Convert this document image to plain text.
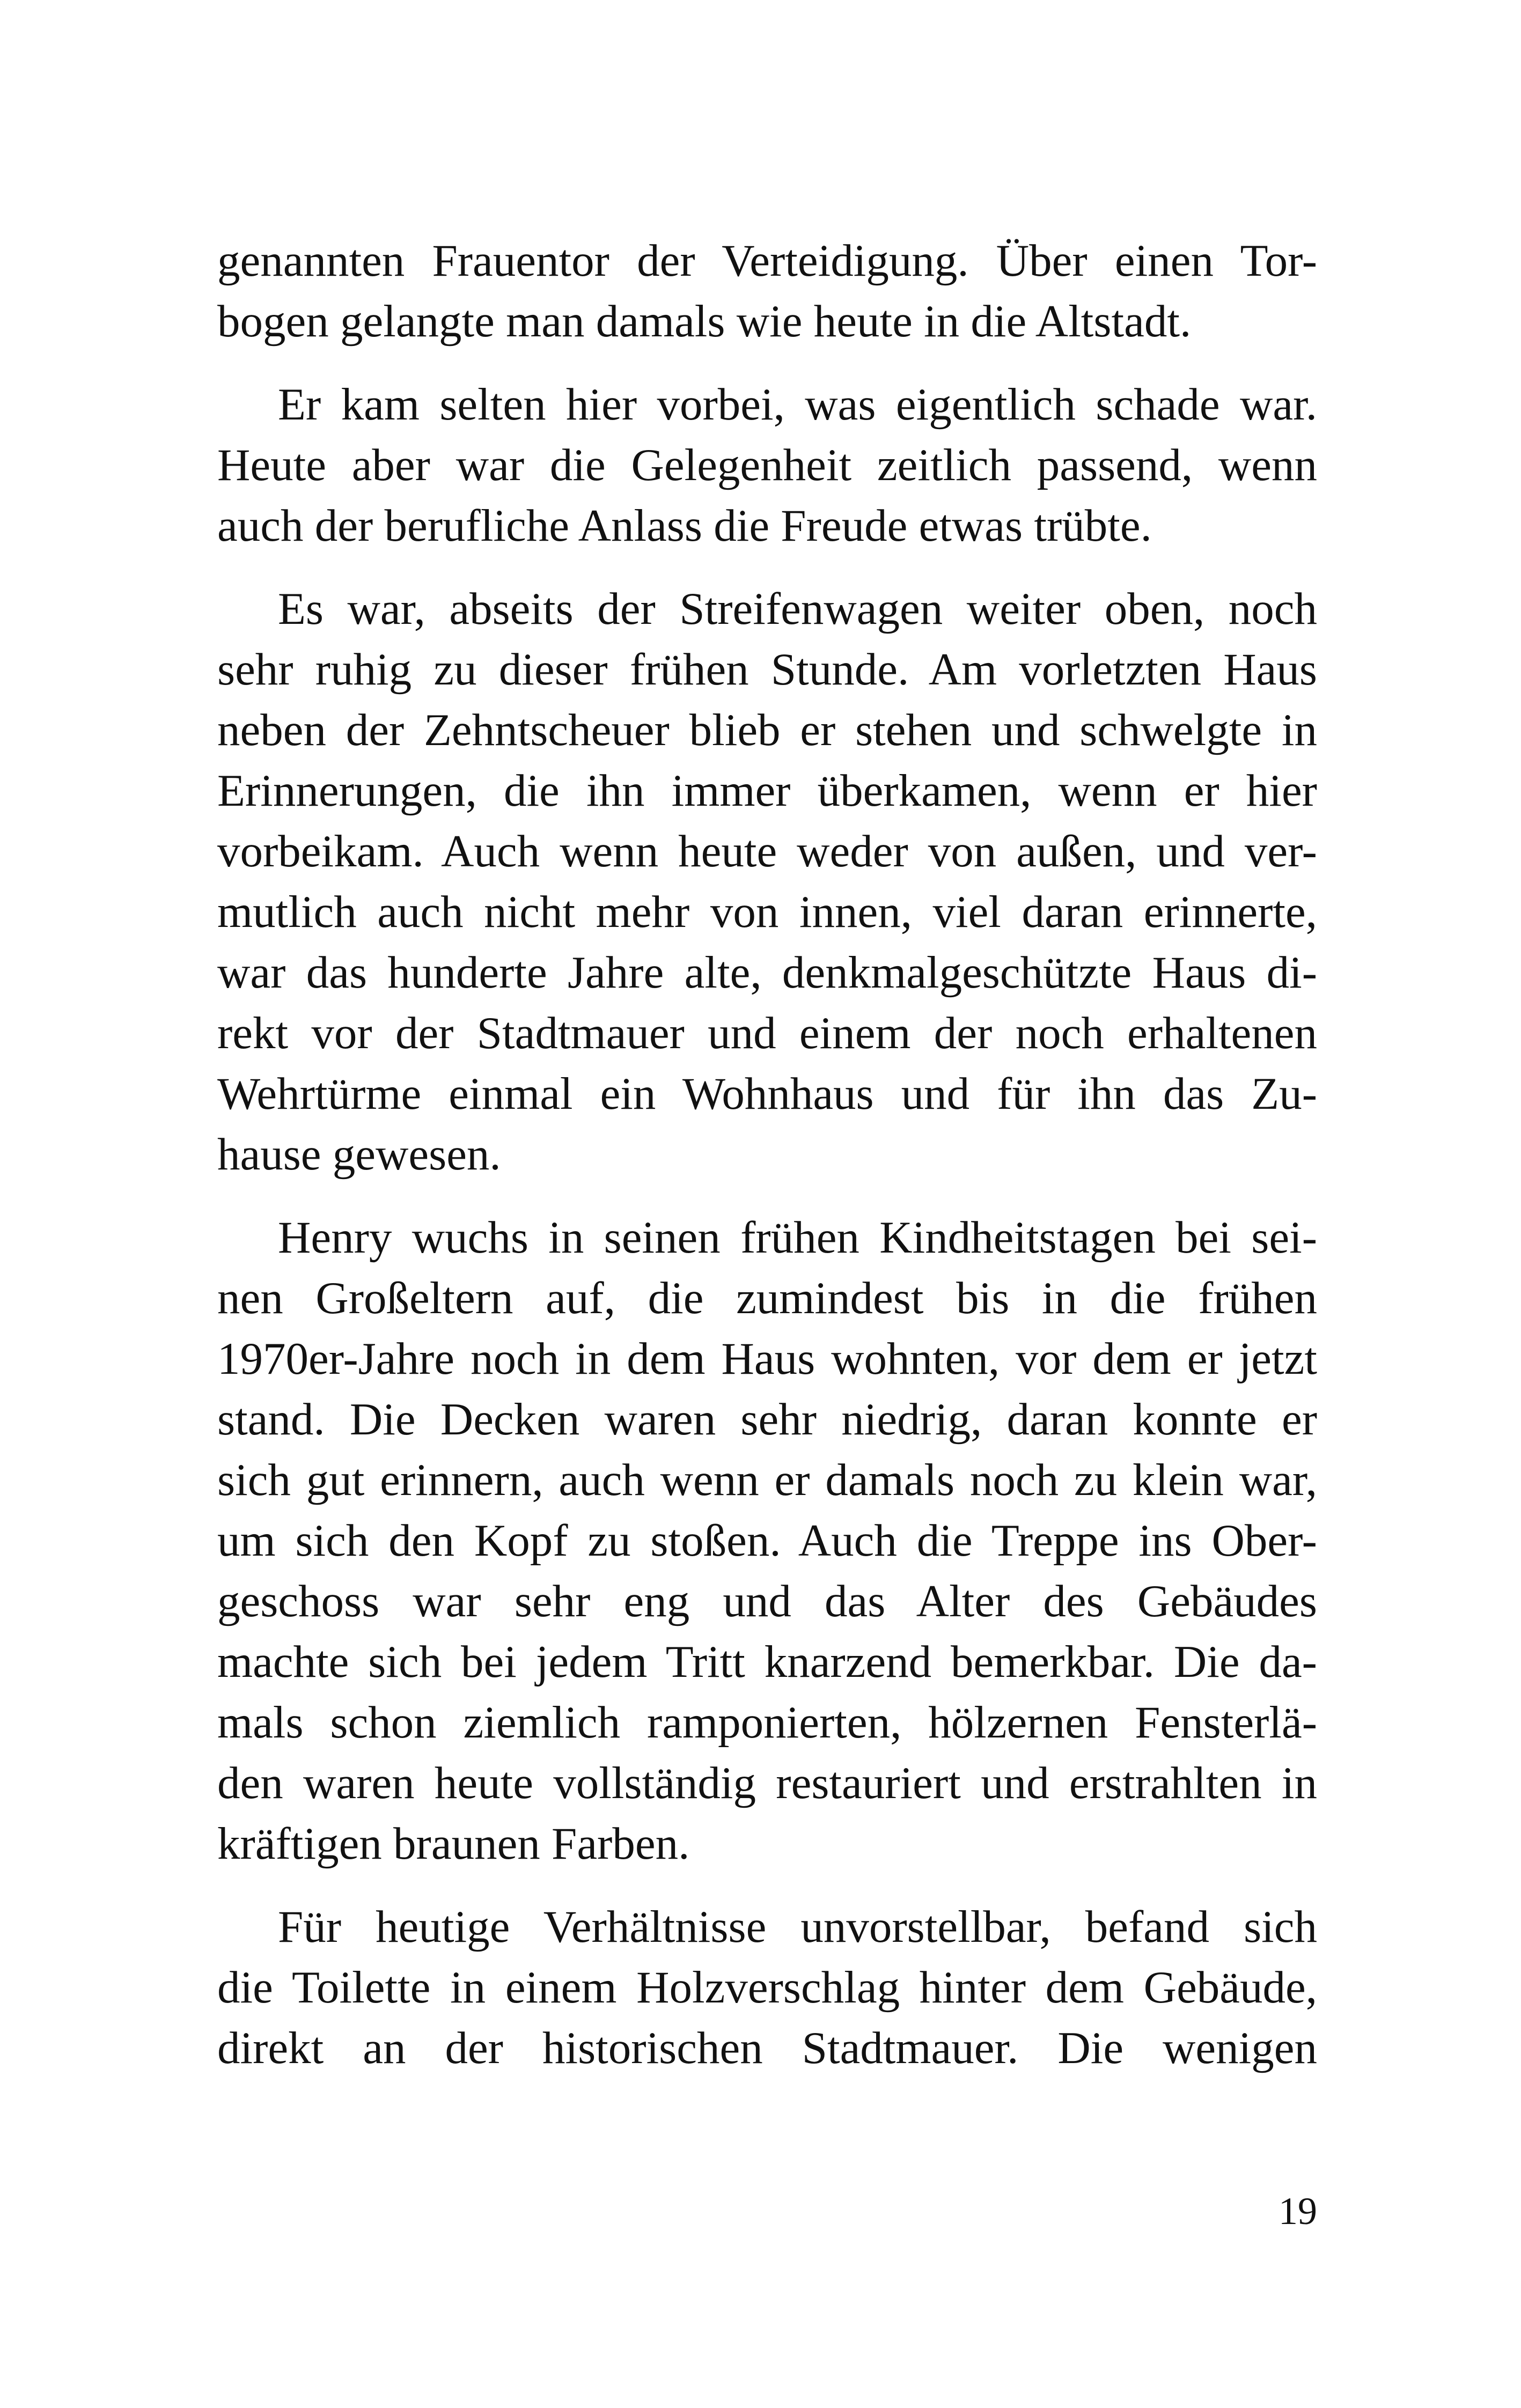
genannten Frauentor der Verteidigung. Über einen Tor-
bogen gelangte man damals wie heute in die Altstadt.

Er kam selten hier vorbei, was eigentlich schade war.
Heute aber war die Gelegenheit zeitlich passend, wenn
auch der berufliche Anlass die Freude etwas trübte.

Es war, abseits der Streifenwagen weiter oben, noch
sehr ruhig zu dieser frühen Stunde. Am vorletzten Haus
neben der Zehntscheuer blieb er stehen und schwelgte in
Erinnerungen, die ihn immer überkamen, wenn er hier
vorbeikam. Auch wenn heute weder von außen, und ver-
mutlich auch nicht mehr von innen, viel daran erinnerte,
war das hunderte Jahre alte, denkmalgeschützte Haus di-
rekt vor der Stadtmauer und einem der noch erhaltenen
Wehrtürme einmal ein Wohnhaus und für ihn das Zu-
hause gewesen.

Henry wuchs in seinen frühen Kindheitstagen bei sei-
nen Großeltern auf, die zumindest bis in die frühen
1970er-Jahre noch in dem Haus wohnten, vor dem er jetzt
stand. Die Decken waren sehr niedrig, daran konnte er
sich gut erinnern, auch wenn er damals noch zu klein war,
um sich den Kopf zu stoßen. Auch die Treppe ins Ober-
geschoss war sehr eng und das Alter des Gebäudes
machte sich bei jedem Tritt knarzend bemerkbar. Die da-
mals schon ziemlich ramponierten, hölzernen Fensterlä-
den waren heute vollständig restauriert und erstrahlten in
kräftigen braunen Farben.

Für heutige Verhältnisse unvorstellbar, befand sich
die Toilette in einem Holzverschlag hinter dem Gebäude,
direkt an der historischen Stadtmauer. Die wenigen

19
